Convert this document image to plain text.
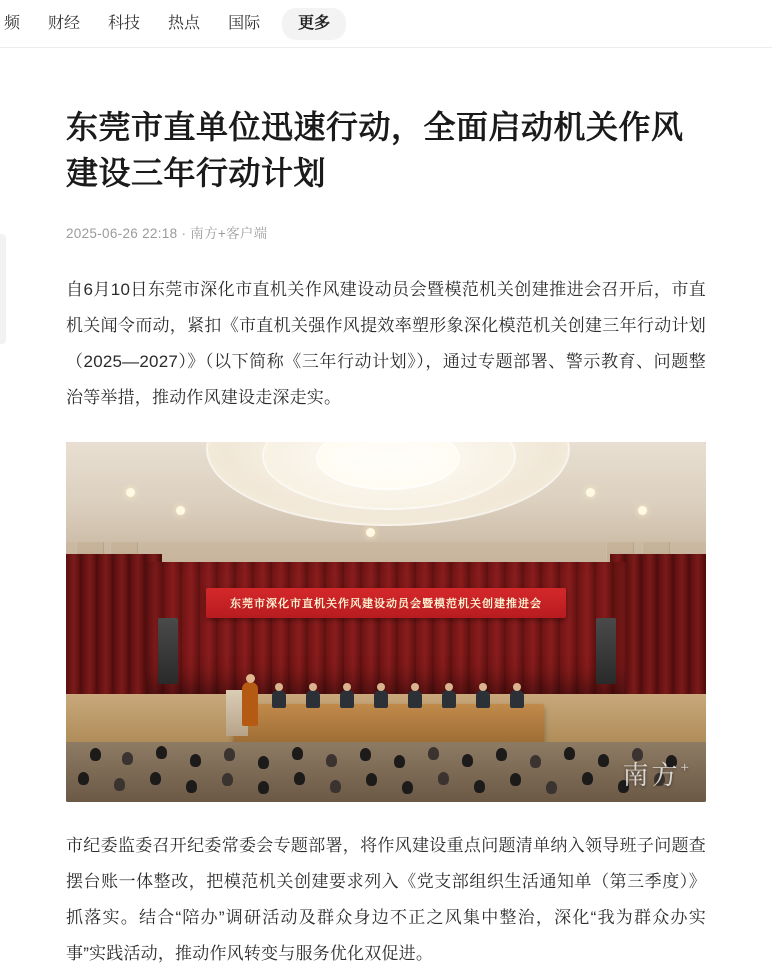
频	财经	科技	热点	国际	更多
东莞市直单位迅速行动，全面启动机关作风建设三年行动计划
2025-06-26 22:18 · 南方+客户端

自6月10日东莞市深化市直机关作风建设动员会暨模范机关创建推进会召开后，市直机关闻令而动，紧扣《市直机关强作风提效率塑形象深化模范机关创建三年行动计划（2025—2027）》（以下简称《三年行动计划》），通过专题部署、警示教育、问题整治等举措，推动作风建设走深走实。

东莞市深化市直机关作风建设动员会暨模范机关创建推进会
南方+

市纪委监委召开纪委常委会专题部署，将作风建设重点问题清单纳入领导班子问题查摆台账一体整改，把模范机关创建要求列入《党支部组织生活通知单（第三季度）》抓落实。结合“陪办”调研活动及群众身边不正之风集中整治，深化“我为群众办实事”实践活动，推动作风转变与服务优化双促进。
